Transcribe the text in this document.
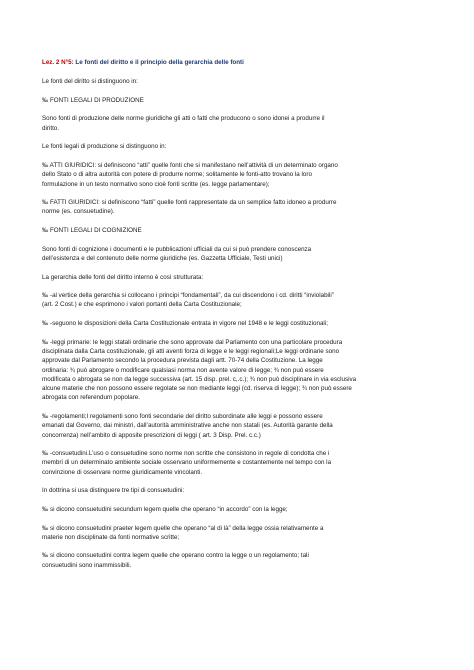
Lez. 2 N°5: Le fonti del diritto e il principio della gerarchia delle fonti

Le fonti del diritto si distinguono in:

‰ FONTI LEGALI DI PRODUZIONE

Sono fonti di produzione delle norme giuridiche gli atti o fatti che producono o sono idonei a produrre il
diritto.

Le fonti legali di produzione si distinguono in:

‰ ATTI GIURIDICI: si definiscono “atti” quelle fonti che si manifestano nell’attività di un determinato organo
dello Stato o di altra autorità con potere di produrre norme; solitamente le fonti-atto trovano la loro
formulazione in un testo normativo sono cioè fonti scritte (es. legge parlamentare);

‰ FATTI GIURIDICI: si definiscono “fatti” quelle fonti rappresentate da un semplice fatto idoneo a produrre
norme (es. consuetudine).

‰ FONTI LEGALI DI COGNIZIONE

Sono fonti di cognizione i documenti e le pubblicazioni ufficiali da cui si può prendere conoscenza
dell’esistenza e del contenuto delle norme giuridiche (es. Gazzetta Ufficiale, Testi unici)

La gerarchia delle fonti del diritto interno è così strutturata:

‰ -al vertice della gerarchia si collocano i principi “fondamentali”, da cui discendono i cd. diritti “inviolabili”
(art. 2 Cost.) e che esprimono i valori portanti della Carta Costituzionale;

‰ -seguono le disposizioni della Carta Costituzionale entrata in vigore nel 1948 e le leggi costituzionali;

‰ -leggi primarie: le leggi statali ordinarie che sono approvate dal Parlamento con una particolare procedura
disciplinata dalla Carta costituzionale, gli atti aventi forza di legge e le leggi regionali;Le leggi ordinarie sono
approvate dal Parlamento secondo la procedura prevista dagli artt. 70-74 della Costituzione. La legge
ordinaria: ¾ può abrogare o modificare qualsiasi norma non avente valore di legge; ¾ non può essere
modificata o abrogata se non da legge successiva (art. 15 disp. prel. c,.c.); ¾ non può disciplinare in via esclusiva
alcune materie che non possono essere regolate se non mediante leggi (cd. riserva di legge); ¾ non può essere
abrogata con referendum popolare.

‰ -regolamenti;I regolamenti sono fonti secondarie del diritto subordinate alle leggi e possono essere
emanati dal Governo, dai ministri, dall’autorità amministrative anche non statali (es. Autorità garante della
concorrenza) nell’ambito di apposite prescrizioni di leggi ( art. 3 Disp. Prel. c.c.)

‰ -consuetudini.L’uso o consuetudine sono norme non scritte che consistono in regole di condotta che i
membri di un determinato ambiente sociale osservano uniformemente e costantemente nel tempo con la
convinzione di osservare norme giuridicamente vincolanti.

In dottrina si usa distinguere tre tipi di consuetudini:

‰ si dicono consuetudini secundum legem quelle che operano “in accordo” con la legge;

‰ si dicono consuetudini praeter legem quelle che operano “al di là” della legge ossia relativamente a
materie non disciplinate da fonti normative scritte;

‰ si dicono consuetudini contra legem quelle che operano contro la legge o un regolamento; tali
consuetudini sono inammissibili.
